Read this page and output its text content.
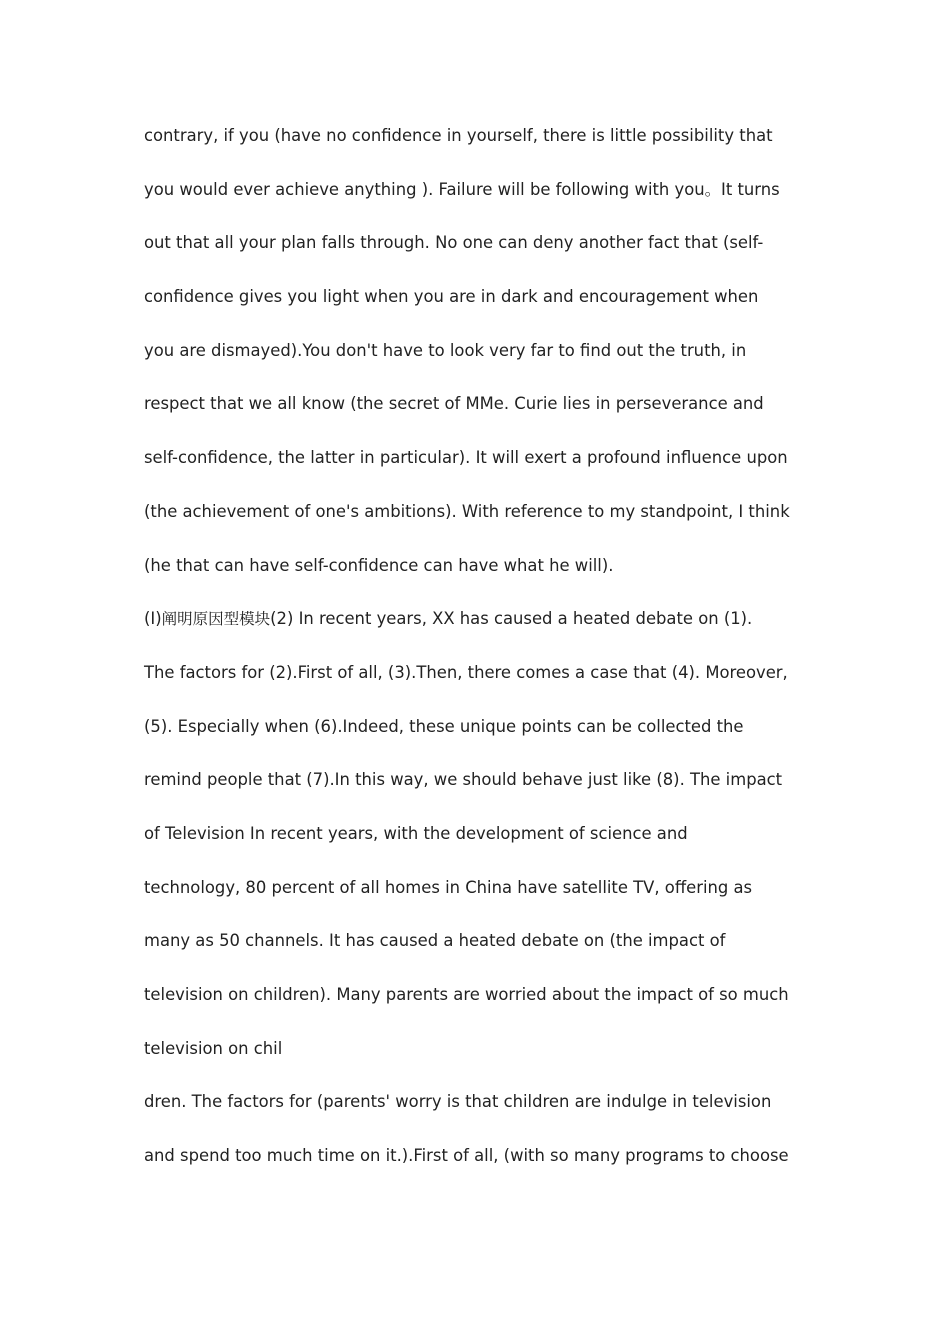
contrary, if you (have no confidence in yourself, there is little possibility that
you would ever achieve anything ). Failure will be following with you。It turns
out that all your plan falls through. No one can deny another fact that (self-
confidence gives you light when you are in dark and encouragement when
you are dismayed).You don't have to look very far to find out the truth, in
respect that we all know (the secret of MMe. Curie lies in perseverance and
self-confidence, the latter in particular). It will exert a profound influence upon
(the achievement of one's ambitions). With reference to my standpoint, I think
(he that can have self-confidence can have what he will).
(I)阐明原因型模块(2) In recent years, XX has caused a heated debate on (1).
The factors for (2).First of all, (3).Then, there comes a case that (4). Moreover,
(5). Especially when (6).Indeed, these unique points can be collected the
remind people that (7).In this way, we should behave just like (8). The impact
of Television In recent years, with the development of science and
technology, 80 percent of all homes in China have satellite TV, offering as
many as 50 channels. It has caused a heated debate on (the impact of
television on children). Many parents are worried about the impact of so much
television on chil
dren. The factors for (parents' worry is that children are indulge in television
and spend too much time on it.).First of all, (with so many programs to choose
